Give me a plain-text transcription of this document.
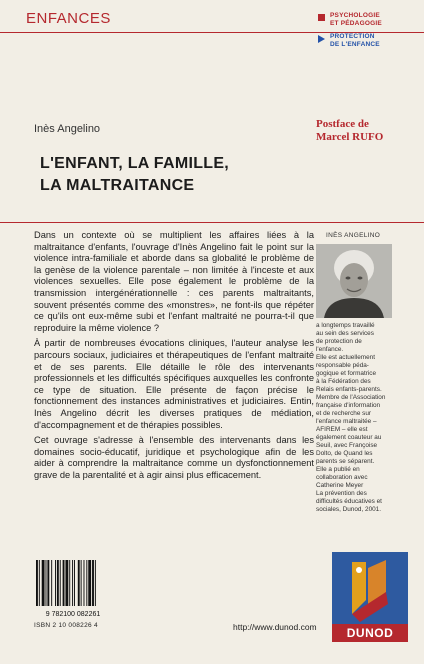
ENFANCES	PSYCHOLOGIE
ET PÉDAGOGIE
PROTECTION
DE L'ENFANCE
Inès Angelino	Postface de
Marcel RUFO
L'ENFANT, LA FAMILLE,
LA MALTRAITANCE

Dans un contexte où se multiplient les affaires liées à la maltraitance d'enfants, l'ouvrage d'Inès Angelino fait le point sur la violence intra-familiale et aborde dans sa globalité le problème de la genèse de la violence parentale – non limitée à l'inceste et aux violences sexuelles. Elle pose également le problème de la transmission intergénérationnelle : ces parents maltraitants, souvent présentés comme des «monstres», ne font-ils que répéter ce qu'ils ont eux-même subi et l'enfant maltraité ne pourra-t-il que reproduire la même violence ?

À partir de nombreuses évocations cliniques, l'auteur analyse les parcours sociaux, judiciaires et thérapeutiques de l'enfant maltraité et de ses parents. Elle détaille le rôle des intervenants professionnels et les difficultés spécifiques auxquelles les confronte ce type de situation. Elle présente de façon précise le fonctionnement des instances administratives et judiciaires. Entin, Inès Angelino décrit les diverses pratiques de médiation, d'accompagnement et de thérapies possibles.

Cet ouvrage s'adresse à l'ensemble des intervenants dans les domaines socio-éducatif, juridique et psychologique afin de les aider à comprendre la maltraitance comme un dysfonctionnement grave de la parentalité et à agir ainsi plus efficacement.

INÈS ANGELINO
a longtemps travaillé
au sein des services
de protection de
l'enfance.
Elle est actuellement
responsable péda-
gogique et formatrice
à la Fédération des
Relais enfants-parents.
Membre de l'Association
française d'information
et de recherche sur
l'enfance maltraitée –
AFIREM – elle est
également coauteur au
Seuil, avec Françoise
Dolto, de Quand les
parents se séparent.
Elle a publié en
collaboration avec
Catherine Meyer
La prévention des
difficultés éducatives et
sociales, Dunod, 2001.
9 782100 082261
ISBN 2 10 008226 4	http://www.dunod.com	DUNOD
